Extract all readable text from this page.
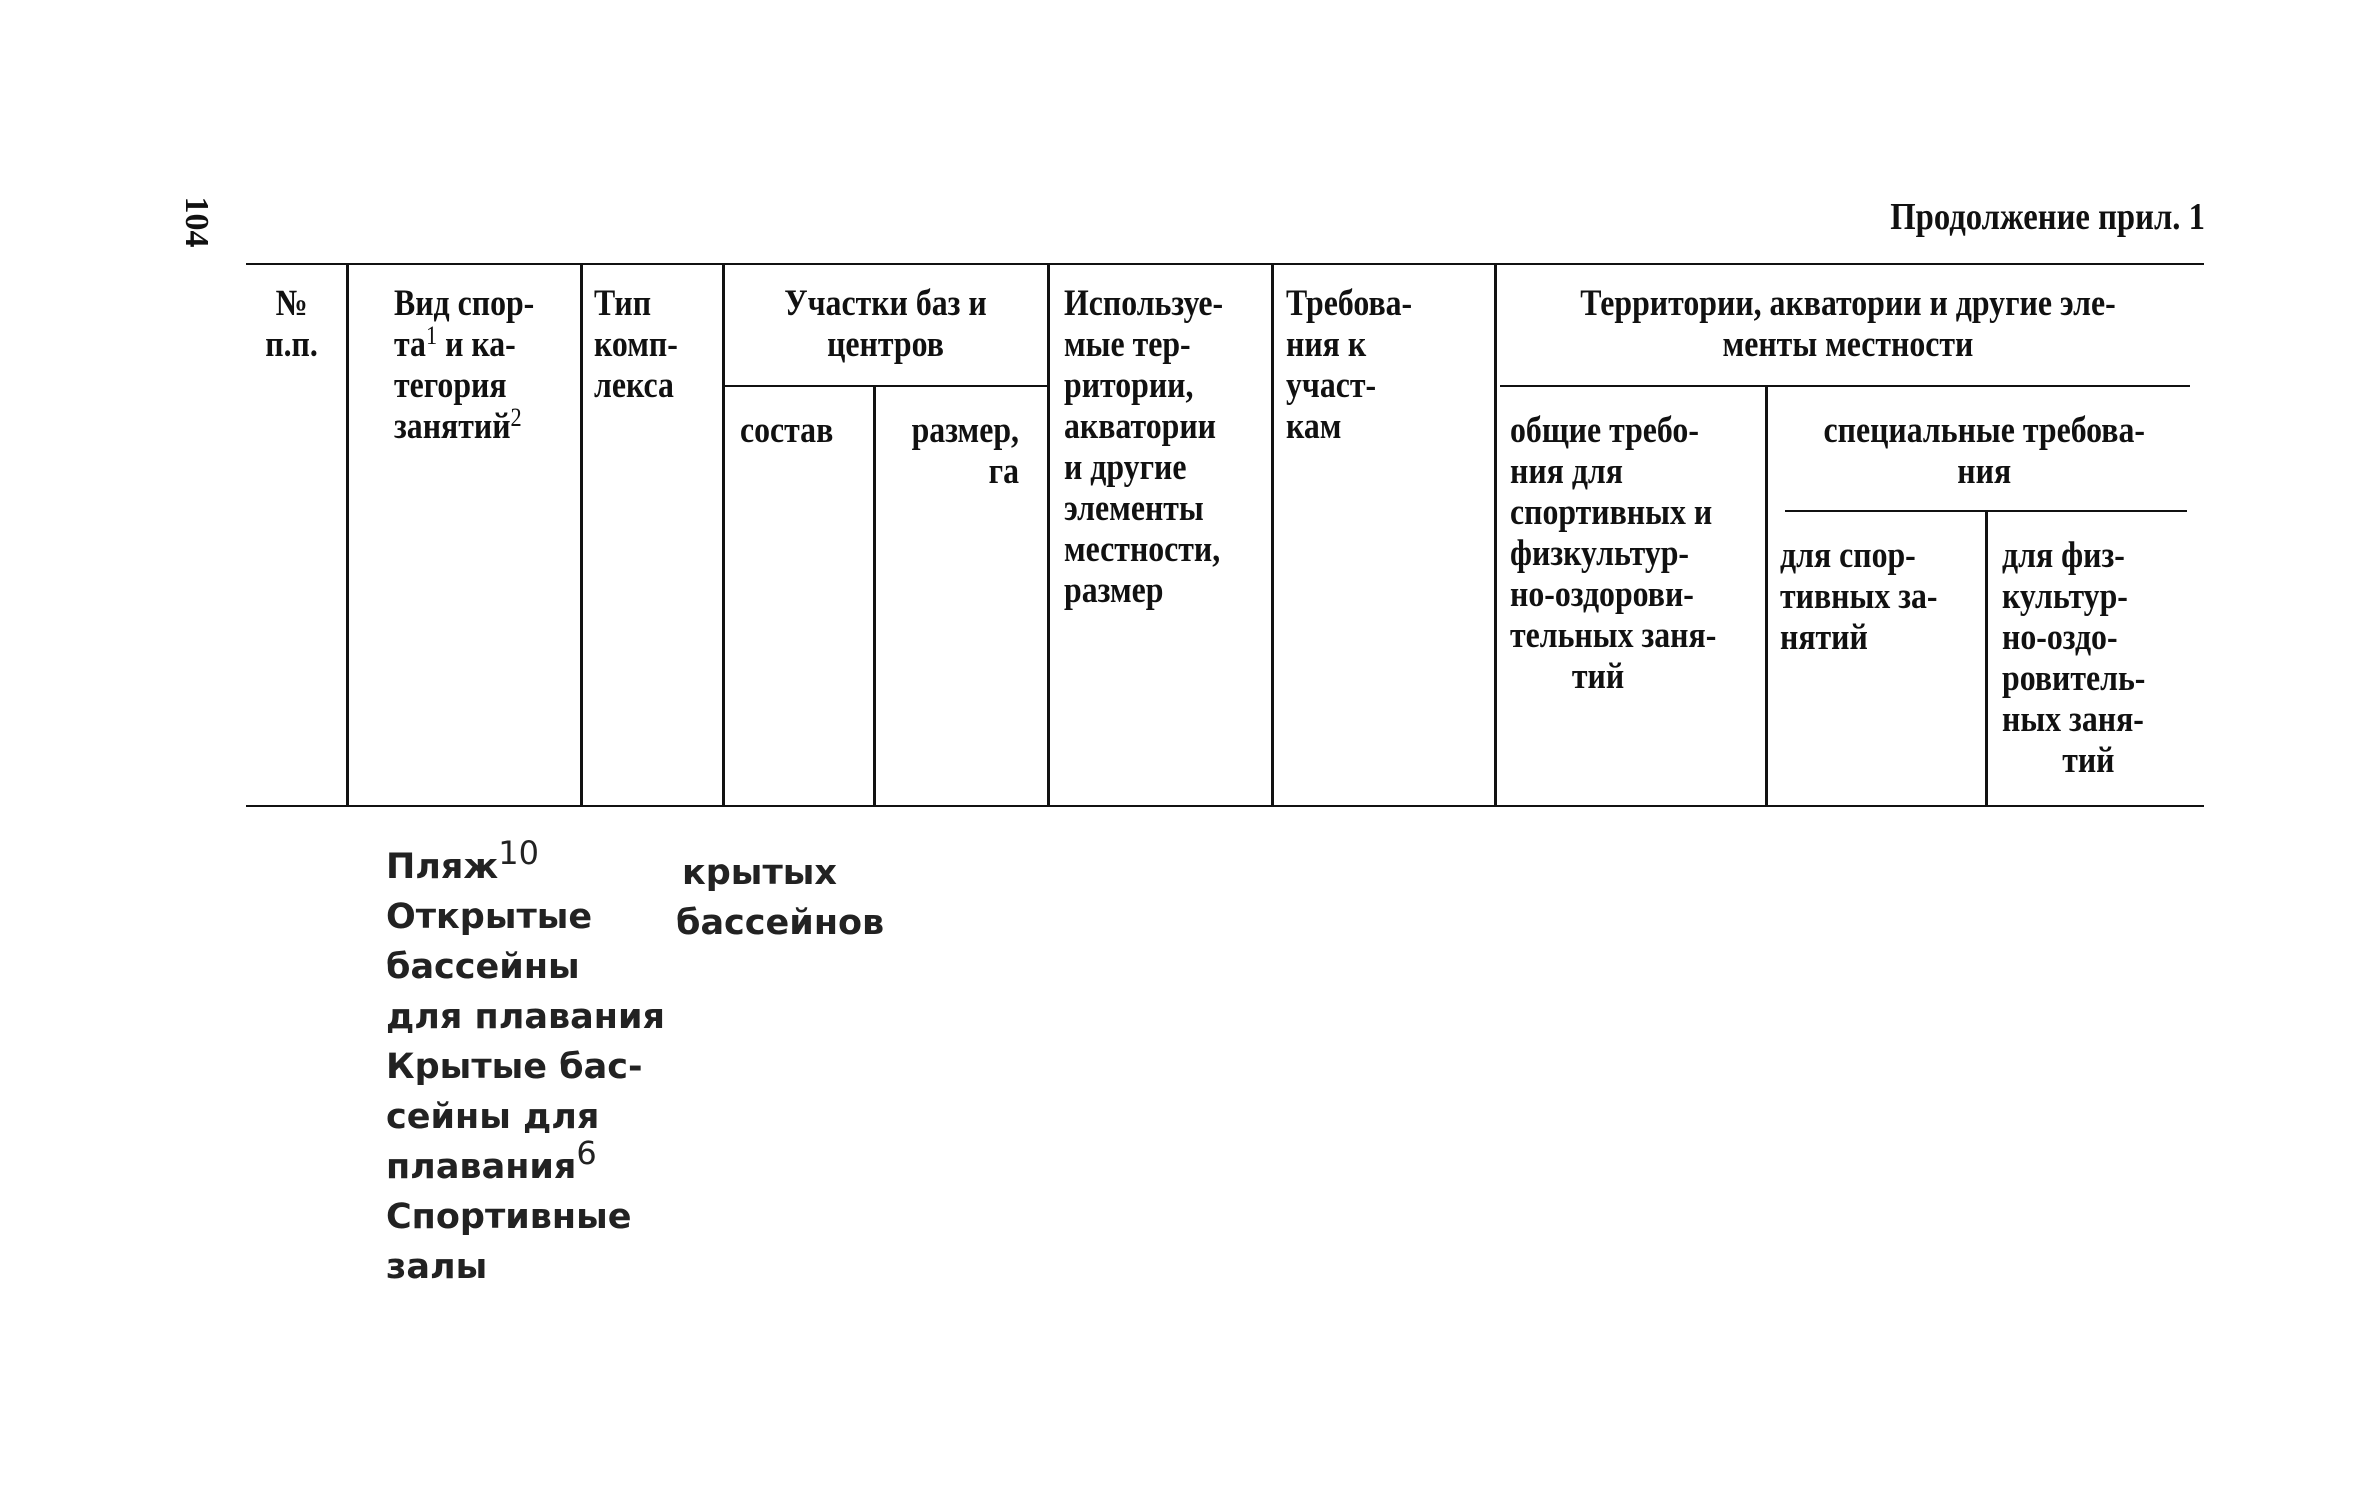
104	Продолжение прил. 1
№
п.п.
Вид спор-
$та^1$ и ка-
тегория
занятий$^2$
Тип
комп-
лекса
Участки баз и
центров
состав	размер,
га
Используе-
мые тер-
ритории,
акватории
и другие
элементы
местности,
размер
Требова-
ния к
участ-
кам
Территории, акватории и другие эле-
менты местности
общие требо-
ния для
спортивных и
физкультур-
но-оздорови-
тельных заня-
тий
специальные требова-
ния
для спор-
тивных за-
нятий
для физ-
культур-
но-оздо-
ровитель-
ных заня-
тий
Пляж$^{10}$
Открытые
бассейны
для плавания
Крытые бас-
сейны для
плавания$^6$
Спортивные
залы
крытых
бассейнов
